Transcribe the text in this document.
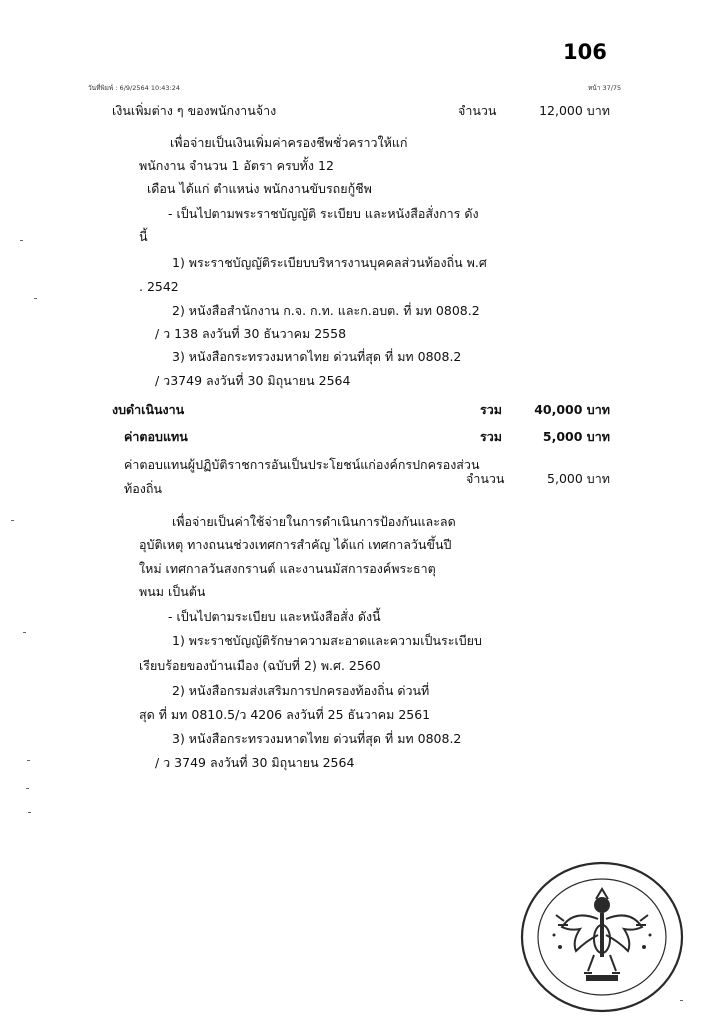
106
วันที่พิมพ์ : 6/9/2564 10:43:24	หน้า 37/75
เงินเพิ่มต่าง ๆ ของพนักงานจ้าง	จำนวน	12,000 บาท
เพื่อจ่ายเป็นเงินเพิ่มค่าครองชีพชั่วคราวให้แก่
พนักงาน จำนวน 1 อัตรา ครบทั้ง 12
เดือน ได้แก่ ตำแหน่ง พนักงานขับรถยกู้ชีพ
- เป็นไปตามพระราชบัญญัติ ระเบียบ และหนังสือสั่งการ ดัง
นี้
1) พระราชบัญญัติระเบียบบริหารงานบุคคลส่วนท้องถิ่น พ.ศ
. 2542
2) หนังสือสำนักงาน ก.จ. ก.ท. และก.อบต. ที่ มท 0808.2
/ ว 138 ลงวันที่ 30 ธันวาคม 2558
3) หนังสือกระทรวงมหาดไทย ด่วนที่สุด ที่ มท 0808.2
/ ว3749 ลงวันที่ 30 มิถุนายน 2564
งบดำเนินงาน	รวม	40,000 บาท
ค่าตอบแทน	รวม	5,000 บาท
ค่าตอบแทนผู้ปฏิบัติราชการอันเป็นประโยชน์แก่องค์กรปกครองส่วน
ท้องถิ่น
จำนวน	5,000 บาท
เพื่อจ่ายเป็นค่าใช้จ่ายในการดำเนินการป้องกันและลด
อุบัติเหตุ ทางถนนช่วงเทศการสำคัญ ได้แก่ เทศกาลวันขึ้นปี
ใหม่ เทศกาลวันสงกรานต์ และงานนมัสการองค์พระธาตุ
พนม เป็นต้น
- เป็นไปตามระเบียบ และหนังสือสั่ง ดังนี้
1) พระราชบัญญัติรักษาความสะอาดและความเป็นระเบียบ
เรียบร้อยของบ้านเมือง (ฉบับที่ 2) พ.ศ. 2560
2) หนังสือกรมส่งเสริมการปกครองท้องถิ่น ด่วนที่
สุด ที่ มท 0810.5/ว 4206 ลงวันที่ 25 ธันวาคม 2561
3) หนังสือกระทรวงมหาดไทย ด่วนที่สุด ที่ มท 0808.2
/ ว 3749 ลงวันที่ 30 มิถุนายน 2564
